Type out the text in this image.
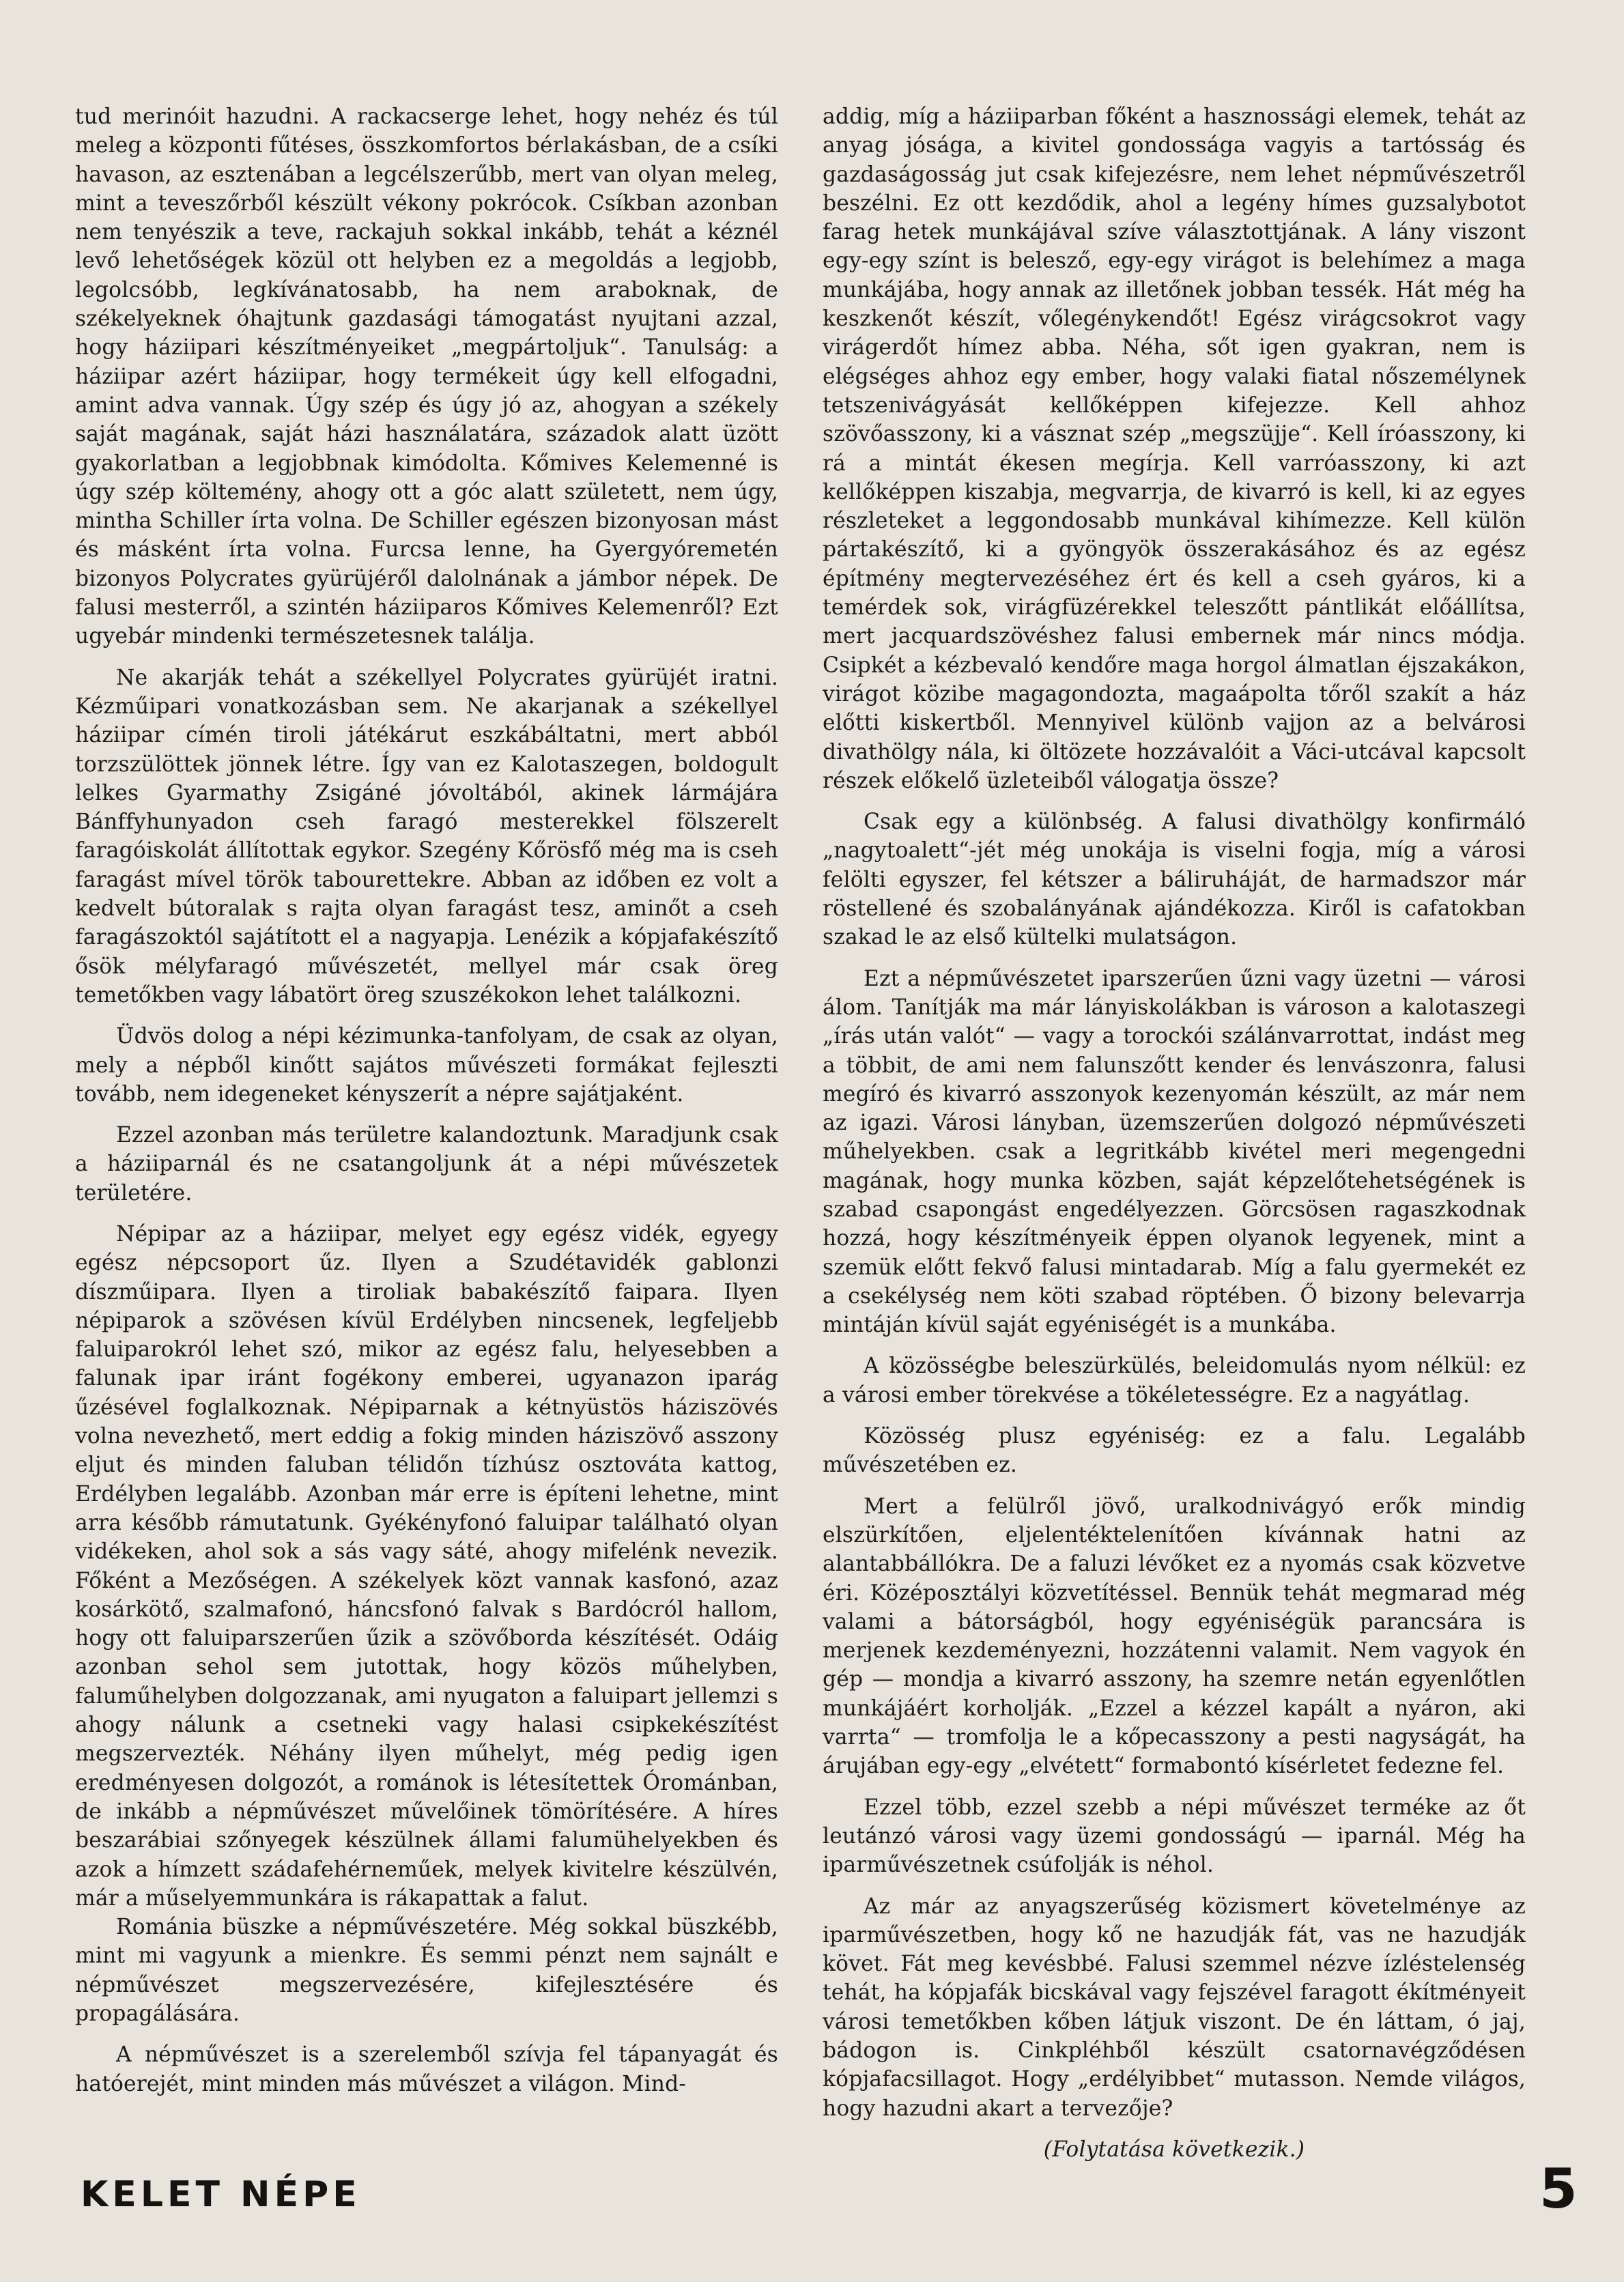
tud merinóit hazudni. A rackacserge lehet, hogy nehéz és túl meleg a központi fűtéses, összkomfortos bérlakásban, de a csíki havason, az esztenában a legcélszerűbb, mert van olyan meleg, mint a teveszőrből készült vékony pokrócok. Csíkban azonban nem tenyészik a teve, rackajuh sokkal inkább, tehát a kéznél levő lehetőségek közül ott helyben ez a megoldás a legjobb, legolcsóbb, legkívánatosabb, ha nem araboknak, de székelyeknek óhajtunk gazdasági támogatást nyujtani azzal, hogy háziipari készítményeiket „megpártoljuk“. Tanulság: a háziipar azért háziipar, hogy termékeit úgy kell elfogadni, amint adva vannak. Úgy szép és úgy jó az, ahogyan a székely saját magának, saját házi használatára, századok alatt üzött gyakorlatban a legjobbnak kimódolta. Kőmives Kelemenné is úgy szép költemény, ahogy ott a góc alatt született, nem úgy, mintha Schiller írta volna. De Schiller egészen bizonyosan mást és másként írta volna. Furcsa lenne, ha Gyergyóremetén bizonyos Polycrates gyürüjéről dalolnának a jámbor népek. De falusi mesterről, a szintén háziiparos Kőmives Kelemenről? Ezt ugyebár mindenki természetesnek találja.

Ne akarják tehát a székellyel Polycrates gyürüjét iratni. Kézműipari vonatkozásban sem. Ne akarjanak a székellyel háziipar címén tiroli játékárut eszkábáltatni, mert abból torzszülöttek jönnek létre. Így van ez Kalotaszegen, boldogult lelkes Gyarmathy Zsigáné jóvoltából, akinek lármájára Bánffyhunyadon cseh faragó mesterekkel fölszerelt faragóiskolát állítottak egykor. Szegény Kőrösfő még ma is cseh faragást mível török tabourettekre. Abban az időben ez volt a kedvelt bútoralak s rajta olyan faragást tesz, aminőt a cseh faragászoktól sajátított el a nagyapja. Lenézik a kópjafakészítő ősök mélyfaragó művészetét, mellyel már csak öreg temetőkben vagy lábatört öreg szuszékokon lehet találkozni.

Üdvös dolog a népi kézimunka-tanfolyam, de csak az olyan, mely a népből kinőtt sajátos művészeti formákat fejleszti tovább, nem idegeneket kényszerít a népre sajátjaként.

Ezzel azonban más területre kalandoztunk. Maradjunk csak a háziiparnál és ne csatangoljunk át a népi művészetek területére.

Népipar az a háziipar, melyet egy egész vidék, egyegy egész népcsoport űz. Ilyen a Szudétavidék gablonzi díszműipara. Ilyen a tiroliak babakészítő faipara. Ilyen népiparok a szövésen kívül Erdélyben nincsenek, legfeljebb faluiparokról lehet szó, mikor az egész falu, helyesebben a falunak ipar iránt fogékony emberei, ugyanazon iparág űzésével foglalkoznak. Népiparnak a kétnyüstös háziszövés volna nevezhető, mert eddig a fokig minden háziszövő asszony eljut és minden faluban télidőn tízhúsz osztováta kattog, Erdélyben legalább. Azonban már erre is építeni lehetne, mint arra később rámutatunk. Gyékényfonó faluipar található olyan vidékeken, ahol sok a sás vagy sáté, ahogy mifelénk nevezik. Főként a Mezőségen. A székelyek közt vannak kasfonó, azaz kosárkötő, szalmafonó, háncsfonó falvak s Bardócról hallom, hogy ott faluiparszerűen űzik a szövőborda készítését. Odáig azonban sehol sem jutottak, hogy közös műhelyben, faluműhelyben dolgozzanak, ami nyugaton a faluipart jellemzi s ahogy nálunk a csetneki vagy halasi csipkekészítést megszervezték. Néhány ilyen műhelyt, még pedig igen eredményesen dolgozót, a románok is létesítettek Órománban, de inkább a népművészet művelőinek tömörítésére. A híres beszarábiai szőnyegek készülnek állami falumühelyekben és azok a hímzett szádafehérneműek, melyek kivitelre készülvén, már a műselyemmunkára is rákapattak a falut.

Románia büszke a népművészetére. Még sokkal büszkébb, mint mi vagyunk a mienkre. És semmi pénzt nem sajnált e népművészet megszervezésére, kifejlesztésére és propagálására.

A népművészet is a szerelemből szívja fel tápanyagát és hatóerejét, mint minden más művészet a világon. Mind-

addig, míg a háziiparban főként a hasznossági elemek, tehát az anyag jósága, a kivitel gondossága vagyis a tartósság és gazdaságosság jut csak kifejezésre, nem lehet népművészetről beszélni. Ez ott kezdődik, ahol a legény hímes guzsalybotot farag hetek munkájával szíve választottjának. A lány viszont egy-egy színt is belesző, egy-egy virágot is belehímez a maga munkájába, hogy annak az illetőnek jobban tessék. Hát még ha keszkenőt készít, vőlegénykendőt! Egész virágcsokrot vagy virágerdőt hímez abba. Néha, sőt igen gyakran, nem is elégséges ahhoz egy ember, hogy valaki fiatal nőszemélynek tetszenivágyását kellőképpen kifejezze. Kell ahhoz szövőasszony, ki a vásznat szép „megszüjje“. Kell íróasszony, ki rá a mintát ékesen megírja. Kell varróasszony, ki azt kellőképpen kiszabja, megvarrja, de kivarró is kell, ki az egyes részleteket a leggondosabb munkával kihímezze. Kell külön pártakészítő, ki a gyöngyök összerakásához és az egész építmény megtervezéséhez ért és kell a cseh gyáros, ki a temérdek sok, virágfüzérekkel teleszőtt pántlikát előállítsa, mert jacquardszövéshez falusi embernek már nincs módja. Csipkét a kézbevaló kendőre maga horgol álmatlan éjszakákon, virágot közibe magagondozta, magaápolta tőről szakít a ház előtti kiskertből. Mennyivel különb vajjon az a belvárosi divathölgy nála, ki öltözete hozzávalóit a Váci-utcával kapcsolt részek előkelő üzleteiből válogatja össze?

Csak egy a különbség. A falusi divathölgy konfirmáló „nagytoalett“-jét még unokája is viselni fogja, míg a városi felölti egyszer, fel kétszer a báliruháját, de harmadszor már röstellené és szobalányának ajándékozza. Kiről is cafatokban szakad le az első kültelki mulatságon.

Ezt a népművészetet iparszerűen űzni vagy üzetni — városi álom. Tanítják ma már lányiskolákban is városon a kalotaszegi „írás után valót“ — vagy a torockói szálánvarrottat, indást meg a többit, de ami nem falunszőtt kender és lenvászonra, falusi megíró és kivarró asszonyok kezenyomán készült, az már nem az igazi. Városi lányban, üzemszerűen dolgozó népművészeti műhelyekben. csak a legritkább kivétel meri megengedni magának, hogy munka közben, saját képzelőtehetségének is szabad csapongást engedélyezzen. Görcsösen ragaszkodnak hozzá, hogy készítményeik éppen olyanok legyenek, mint a szemük előtt fekvő falusi mintadarab. Míg a falu gyermekét ez a csekélység nem köti szabad röptében. Ő bizony belevarrja mintáján kívül saját egyéniségét is a munkába.

A közösségbe beleszürkülés, beleidomulás nyom nélkül: ez a városi ember törekvése a tökéletességre. Ez a nagyátlag.

Közösség plusz egyéniség: ez a falu. Legalább művészetében ez.

Mert a felülről jövő, uralkodnivágyó erők mindig elszürkítően, eljelentéktelenítően kívánnak hatni az alantabbállókra. De a faluzi lévőket ez a nyomás csak közvetve éri. Középosztályi közvetítéssel. Bennük tehát megmarad még valami a bátorságból, hogy egyéniségük parancsára is merjenek kezdeményezni, hozzátenni valamit. Nem vagyok én gép — mondja a kivarró asszony, ha szemre netán egyenlőtlen munkájáért korholják. „Ezzel a kézzel kapált a nyáron, aki varrta“ — tromfolja le a kőpecasszony a pesti nagyságát, ha árujában egy-egy „elvétett“ formabontó kísérletet fedezne fel.

Ezzel több, ezzel szebb a népi művészet terméke az őt leutánzó városi vagy üzemi gondosságú — iparnál. Még ha iparművészetnek csúfolják is néhol.

Az már az anyagszerűség közismert követelménye az iparművészetben, hogy kő ne hazudják fát, vas ne hazudják követ. Fát meg kevésbbé. Falusi szemmel nézve ízléstelenség tehát, ha kópjafák bicskával vagy fejszével faragott ékítményeit városi temetőkben kőben látjuk viszont. De én láttam, ó jaj, bádogon is. Cinkpléhből készült csatornavégződésen kópjafacsillagot. Hogy „erdélyibbet“ mutasson. Nemde világos, hogy hazudni akart a tervezője?

(Folytatása következik.)

KELET NÉPE	5
